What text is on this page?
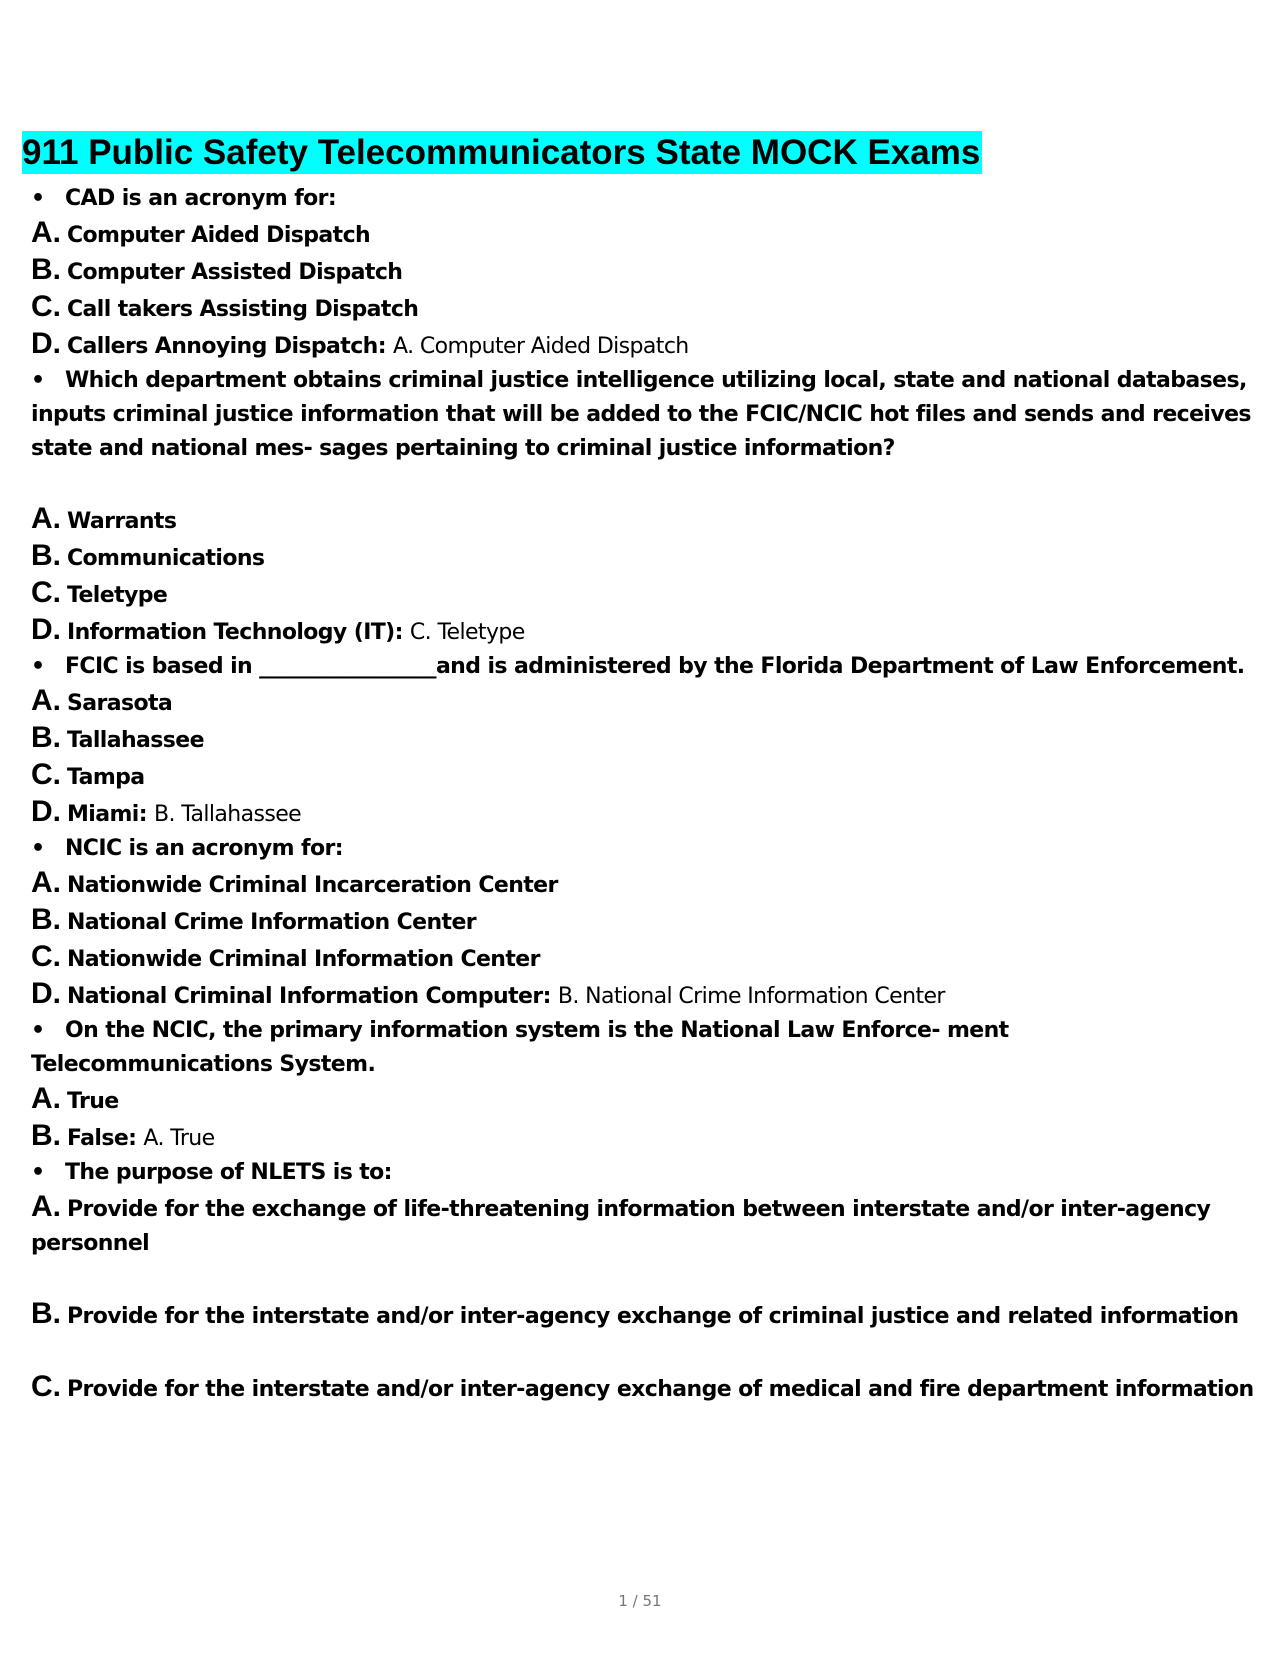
911 Public Safety Telecommunicators State MOCK Exams

• CAD is an acronym for:

A. Computer Aided Dispatch

B. Computer Assisted Dispatch

C. Call takers Assisting Dispatch

D. Callers Annoying Dispatch: A. Computer Aided Dispatch

• Which department obtains criminal justice intelligence utilizing local, state and national databases, inputs criminal justice information that will be added to the FCIC/NCIC hot files and sends and receives state and national mes- sages pertaining to criminal justice information?

A. Warrants

B. Communications

C. Teletype

D. Information Technology (IT): C. Teletype

• FCIC is based in _________________and is administered by the Florida Department of Law Enforcement.

A. Sarasota

B. Tallahassee

C. Tampa

D. Miami: B. Tallahassee

• NCIC is an acronym for:

A. Nationwide Criminal Incarceration Center

B. National Crime Information Center

C. Nationwide Criminal Information Center

D. National Criminal Information Computer: B. National Crime Information Center

• On the NCIC, the primary information system is the National Law Enforce- ment Telecommunications System.

A. True

B. False: A. True

• The purpose of NLETS is to:

A. Provide for the exchange of life-threatening information between interstate and/or inter-agency personnel

B. Provide for the interstate and/or inter-agency exchange of criminal justice and related information

C. Provide for the interstate and/or inter-agency exchange of medical and fire department information

1 / 51
